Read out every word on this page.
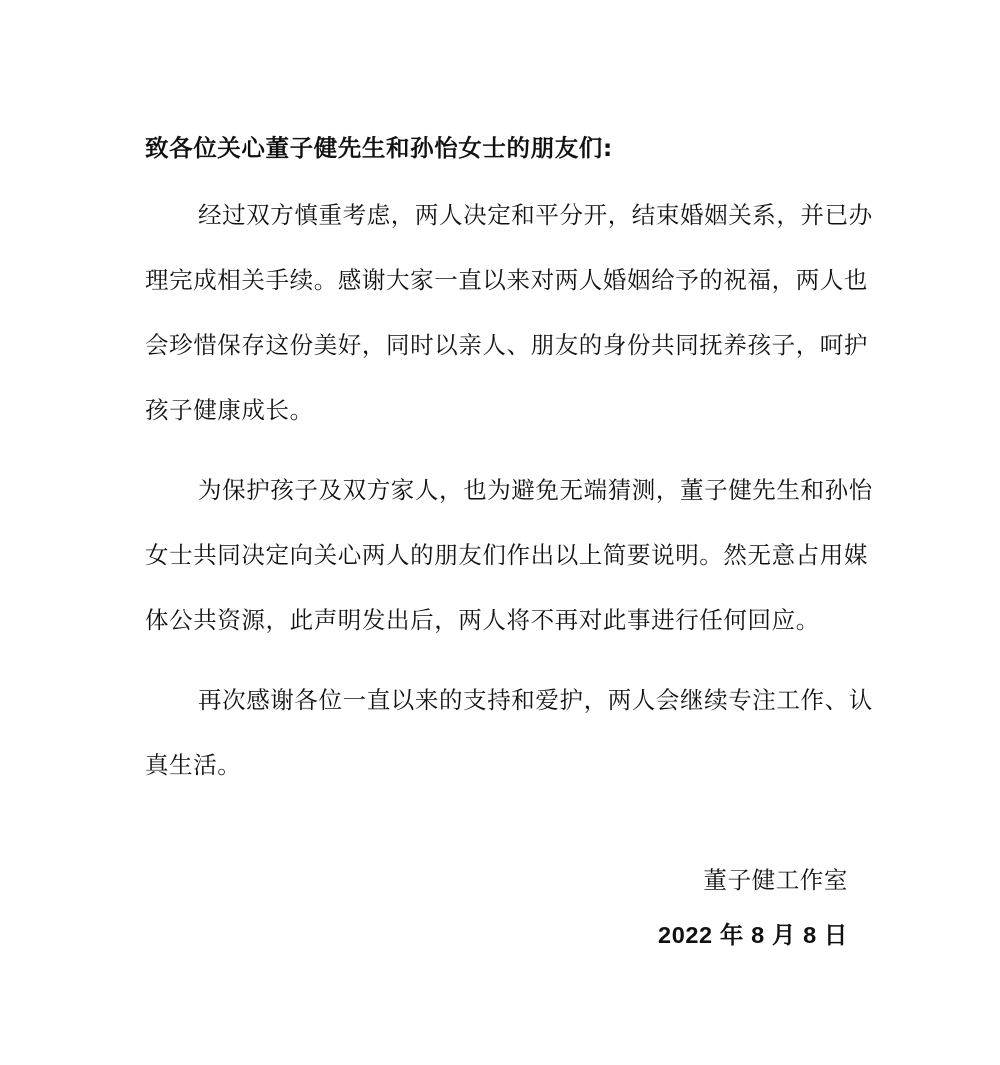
致各位关心董子健先生和孙怡女士的朋友们:
经过双方慎重考虑，两人决定和平分开，结束婚姻关系，并已办
理完成相关手续。感谢大家一直以来对两人婚姻给予的祝福，两人也
会珍惜保存这份美好，同时以亲人、朋友的身份共同抚养孩子，呵护
孩子健康成长。
为保护孩子及双方家人，也为避免无端猜测，董子健先生和孙怡
女士共同决定向关心两人的朋友们作出以上简要说明。然无意占用媒
体公共资源，此声明发出后，两人将不再对此事进行任何回应。
再次感谢各位一直以来的支持和爱护，两人会继续专注工作、认
真生活。
董子健工作室
2022 年 8 月 8 日
